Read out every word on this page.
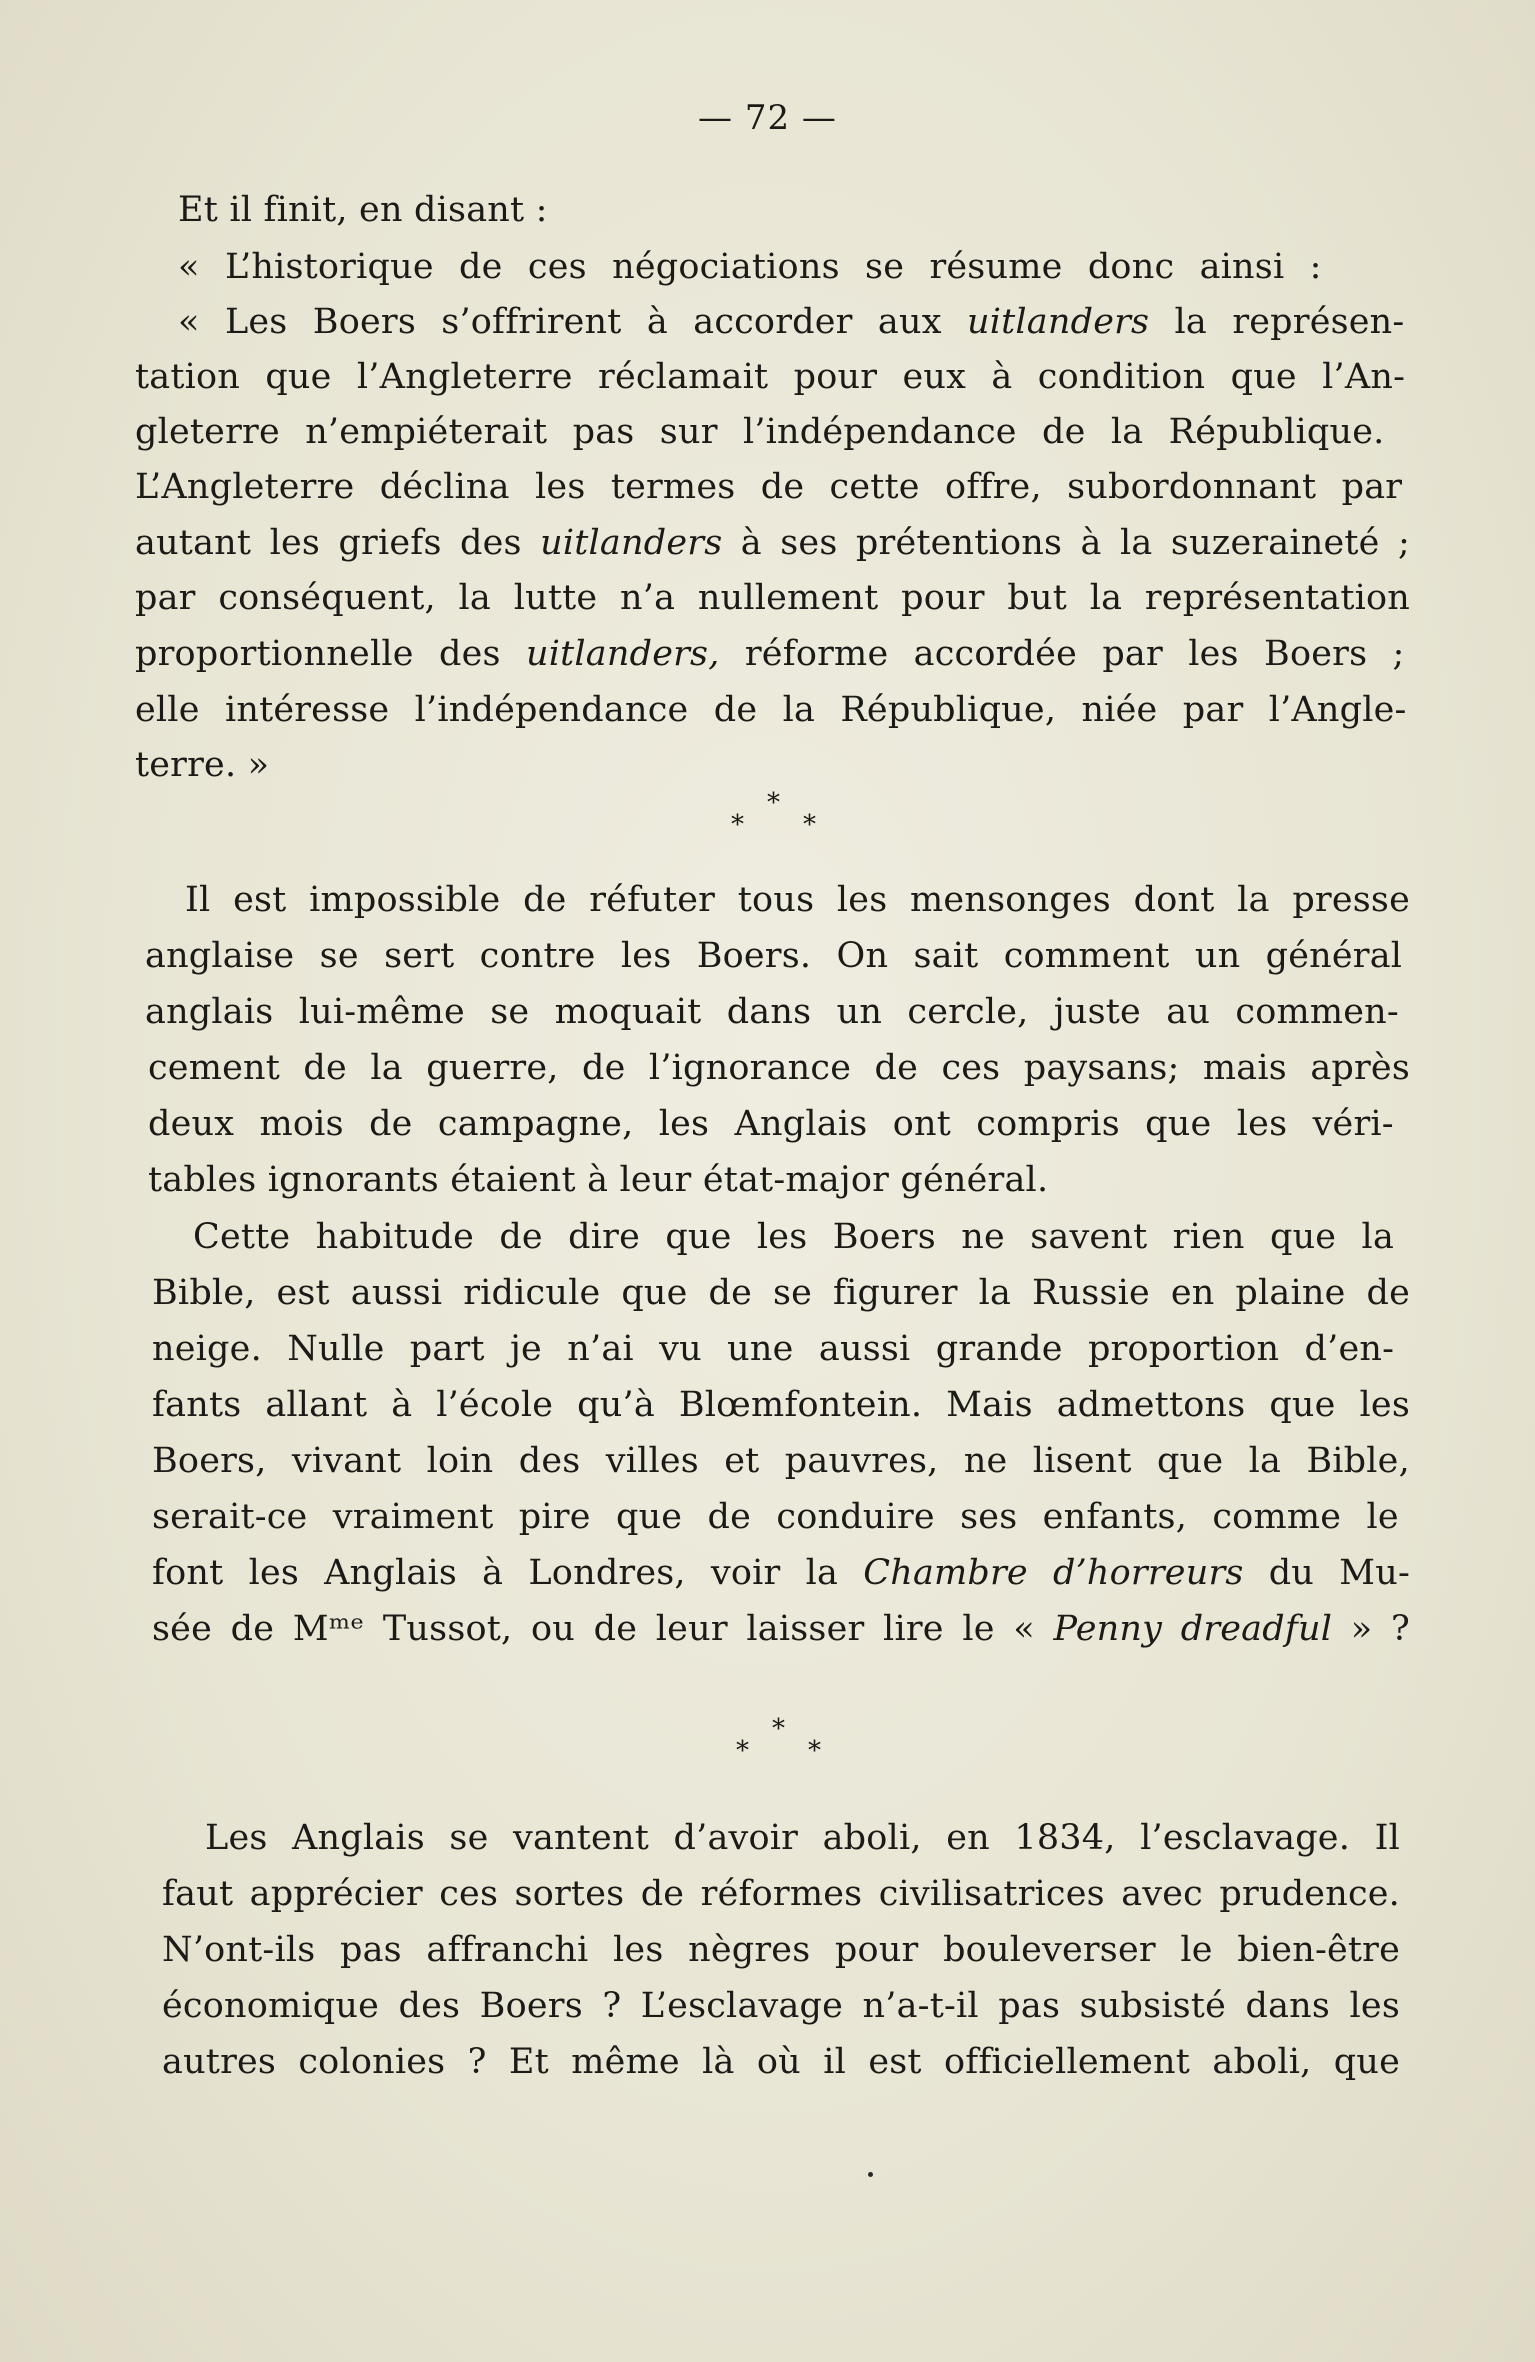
— 72 —
Et il finit, en disant :
« L’historique de ces négociations se résume donc ainsi :
« Les Boers s’offrirent à accorder aux uitlanders la représen-
tation que l’Angleterre réclamait pour eux à condition que l’An-
gleterre n’empiéterait pas sur l’indépendance de la République.
L’Angleterre déclina les termes de cette offre, subordonnant par
autant les griefs des uitlanders à ses prétentions à la suzeraineté ;
par conséquent, la lutte n’a nullement pour but la représentation
proportionnelle des uitlanders, réforme accordée par les Boers ;
elle intéresse l’indépendance de la République, niée par l’Angle-
terre. »
*
* *
Il est impossible de réfuter tous les mensonges dont la presse
anglaise se sert contre les Boers. On sait comment un général
anglais lui-même se moquait dans un cercle, juste au commen-
cement de la guerre, de l’ignorance de ces paysans; mais après
deux mois de campagne, les Anglais ont compris que les véri-
tables ignorants étaient à leur état-major général.
Cette habitude de dire que les Boers ne savent rien que la
Bible, est aussi ridicule que de se figurer la Russie en plaine de
neige. Nulle part je n’ai vu une aussi grande proportion d’en-
fants allant à l’école qu’à Blœmfontein. Mais admettons que les
Boers, vivant loin des villes et pauvres, ne lisent que la Bible,
serait-ce vraiment pire que de conduire ses enfants, comme le
font les Anglais à Londres, voir la Chambre d’horreurs du Mu-
sée de Mᵐᵉ Tussot, ou de leur laisser lire le « Penny dreadful » ?
*
* *
Les Anglais se vantent d’avoir aboli, en 1834, l’esclavage. Il
faut apprécier ces sortes de réformes civilisatrices avec prudence.
N’ont-ils pas affranchi les nègres pour bouleverser le bien-être
économique des Boers ? L’esclavage n’a-t-il pas subsisté dans les
autres colonies ? Et même là où il est officiellement aboli, que
